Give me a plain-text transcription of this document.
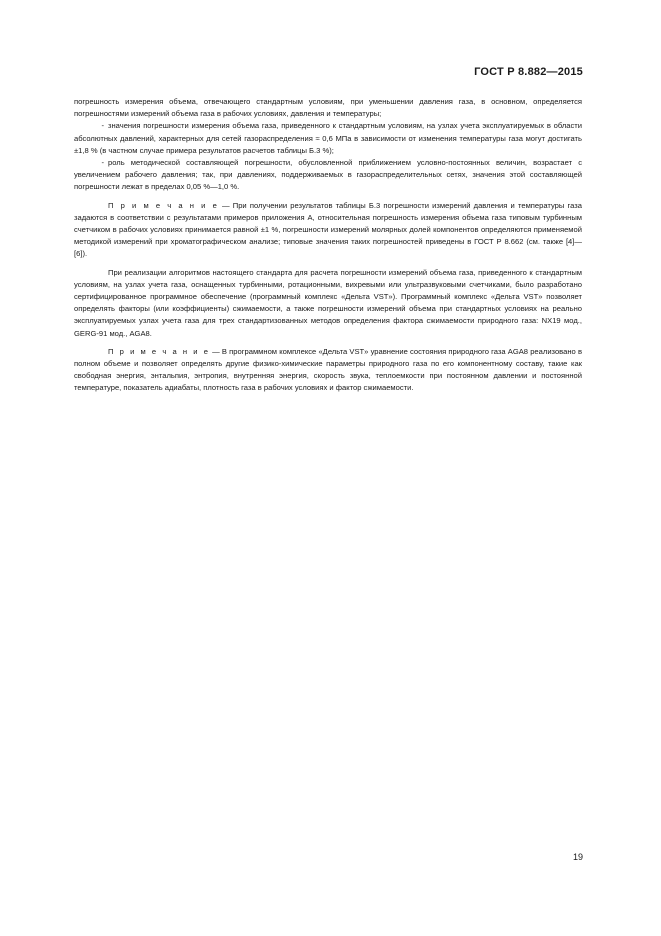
ГОСТ Р 8.882—2015

погрешность измерения объема, отвечающего стандартным условиям, при уменьшении давления газа, в основном, определяется погрешностями измерений объема газа в рабочих условиях, давления и температуры;

- значения погрешности измерения объема газа, приведенного к стандартным условиям, на узлах учета эксплуатируемых в области абсолютных давлений, характерных для сетей газораспределения ≈ 0,6 МПа в зависимости от изменения температуры газа могут достигать ±1,8 % (в частном случае примера результатов расчетов таблицы Б.3 %);

- роль методической составляющей погрешности, обусловленной приближением условно-постоянных величин, возрастает с увеличением рабочего давления; так, при давлениях, поддерживаемых в газораспределительных сетях, значения этой составляющей погрешности лежат в пределах 0,05 %—1,0 %.

П р и м е ч а н и е — При получении результатов таблицы Б.3 погрешности измерений давления и температуры газа задаются в соответствии с результатами примеров приложения А, относительная погрешность измерения объема газа типовым турбинным счетчиком в рабочих условиях принимается равной ±1 %, погрешности измерений молярных долей компонентов определяются применяемой методикой измерений при хроматографическом анализе; типовые значения таких погрешностей приведены в ГОСТ Р 8.662 (см. также [4]—[6]).

При реализации алгоритмов настоящего стандарта для расчета погрешности измерений объема газа, приведенного к стандартным условиям, на узлах учета газа, оснащенных турбинными, ротационными, вихревыми или ультразвуковыми счетчиками, было разработано сертифицированное программное обеспечение (программный комплекс «Дельта VST»). Программный комплекс «Дельта VST» позволяет определять факторы (или коэффициенты) сжимаемости, а также погрешности измерений объема при стандартных условиях на реально эксплуатируемых узлах учета газа для трех стандартизованных методов определения фактора сжимаемости природного газа: NX19 мод., GERG-91 мод., AGA8.

П р и м е ч а н и е — В программном комплексе «Дельта VST» уравнение состояния природного газа AGA8 реализовано в полном объеме и позволяет определять другие физико-химические параметры природного газа по его компонентному составу, такие как свободная энергия, энтальпия, энтропия, внутренняя энергия, скорость звука, теплоемкости при постоянном давлении и постоянной температуре, показатель адиабаты, плотность газа в рабочих условиях и фактор сжимаемости.

19
